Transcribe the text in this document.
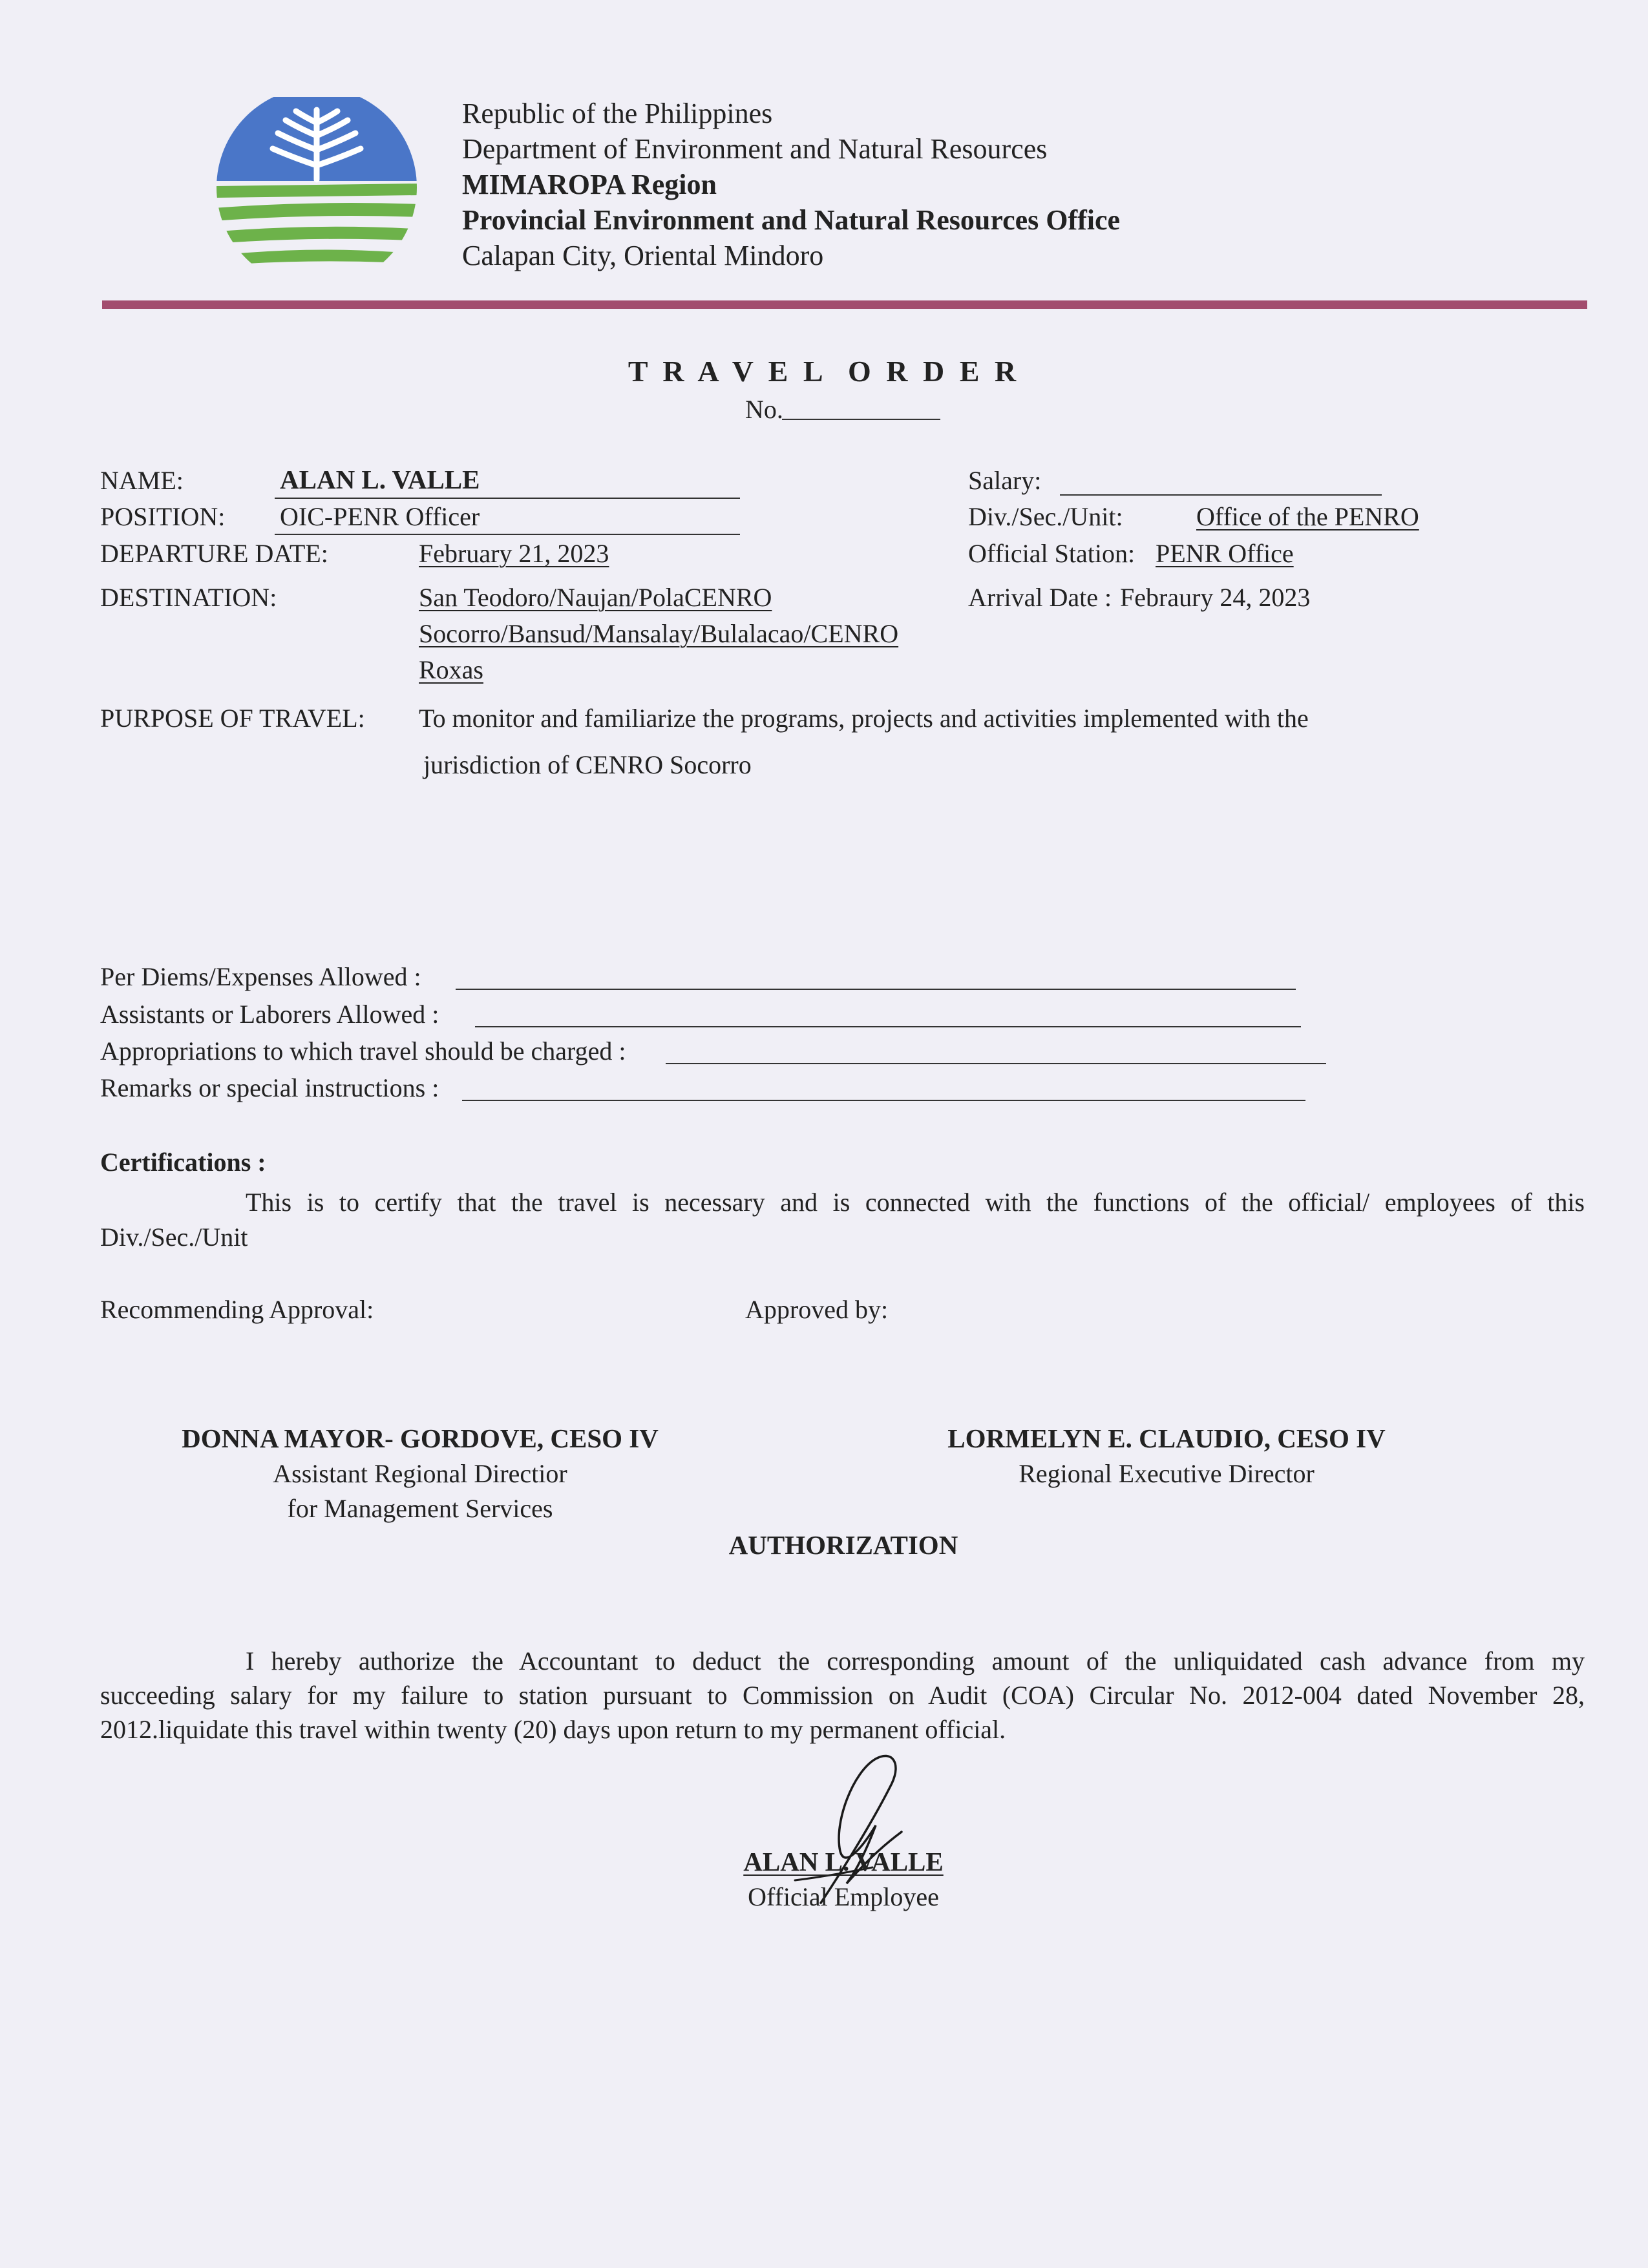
Republic of the Philippines
Department of Environment and Natural Resources
MIMAROPA Region
Provincial Environment and Natural Resources Office
Calapan City, Oriental Mindoro
T R A V E L  O R D E R
No.
NAME:	ALAN L. VALLE
POSITION: OIC-PENR Officer
DEPARTURE DATE:	February 21, 2023
DESTINATION:	San Teodoro/Naujan/PolaCENRO
Socorro/Bansud/Mansalay/Bulalacao/CENRO
Roxas
Salary:
Div./Sec./Unit:	Office of the PENRO
Official Station: PENR Office
Arrival Date : Febraury 24, 2023
PURPOSE OF TRAVEL: To monitor and familiarize the programs, projects and activities implemented with the
jurisdiction of CENRO Socorro
Per Diems/Expenses Allowed :
Assistants or Laborers Allowed :
Appropriations to which travel should be charged :
Remarks or special instructions :
Certifications :
This is to certify that the travel is necessary and is connected with the functions of the official/ employees of this
Div./Sec./Unit
Recommending Approval:	Approved by:
DONNA MAYOR- GORDOVE, CESO IV
Assistant Regional Directior
for Management Services
LORMELYN E. CLAUDIO, CESO IV
Regional Executive Director
AUTHORIZATION
I hereby authorize the Accountant to deduct the corresponding amount of the unliquidated cash advance from my
succeeding salary for my failure to station pursuant to Commission on Audit (COA) Circular No. 2012-004 dated November 28,
2012.liquidate this travel within twenty (20) days upon return to my permanent official.
ALAN L. VALLE
Official Employee
